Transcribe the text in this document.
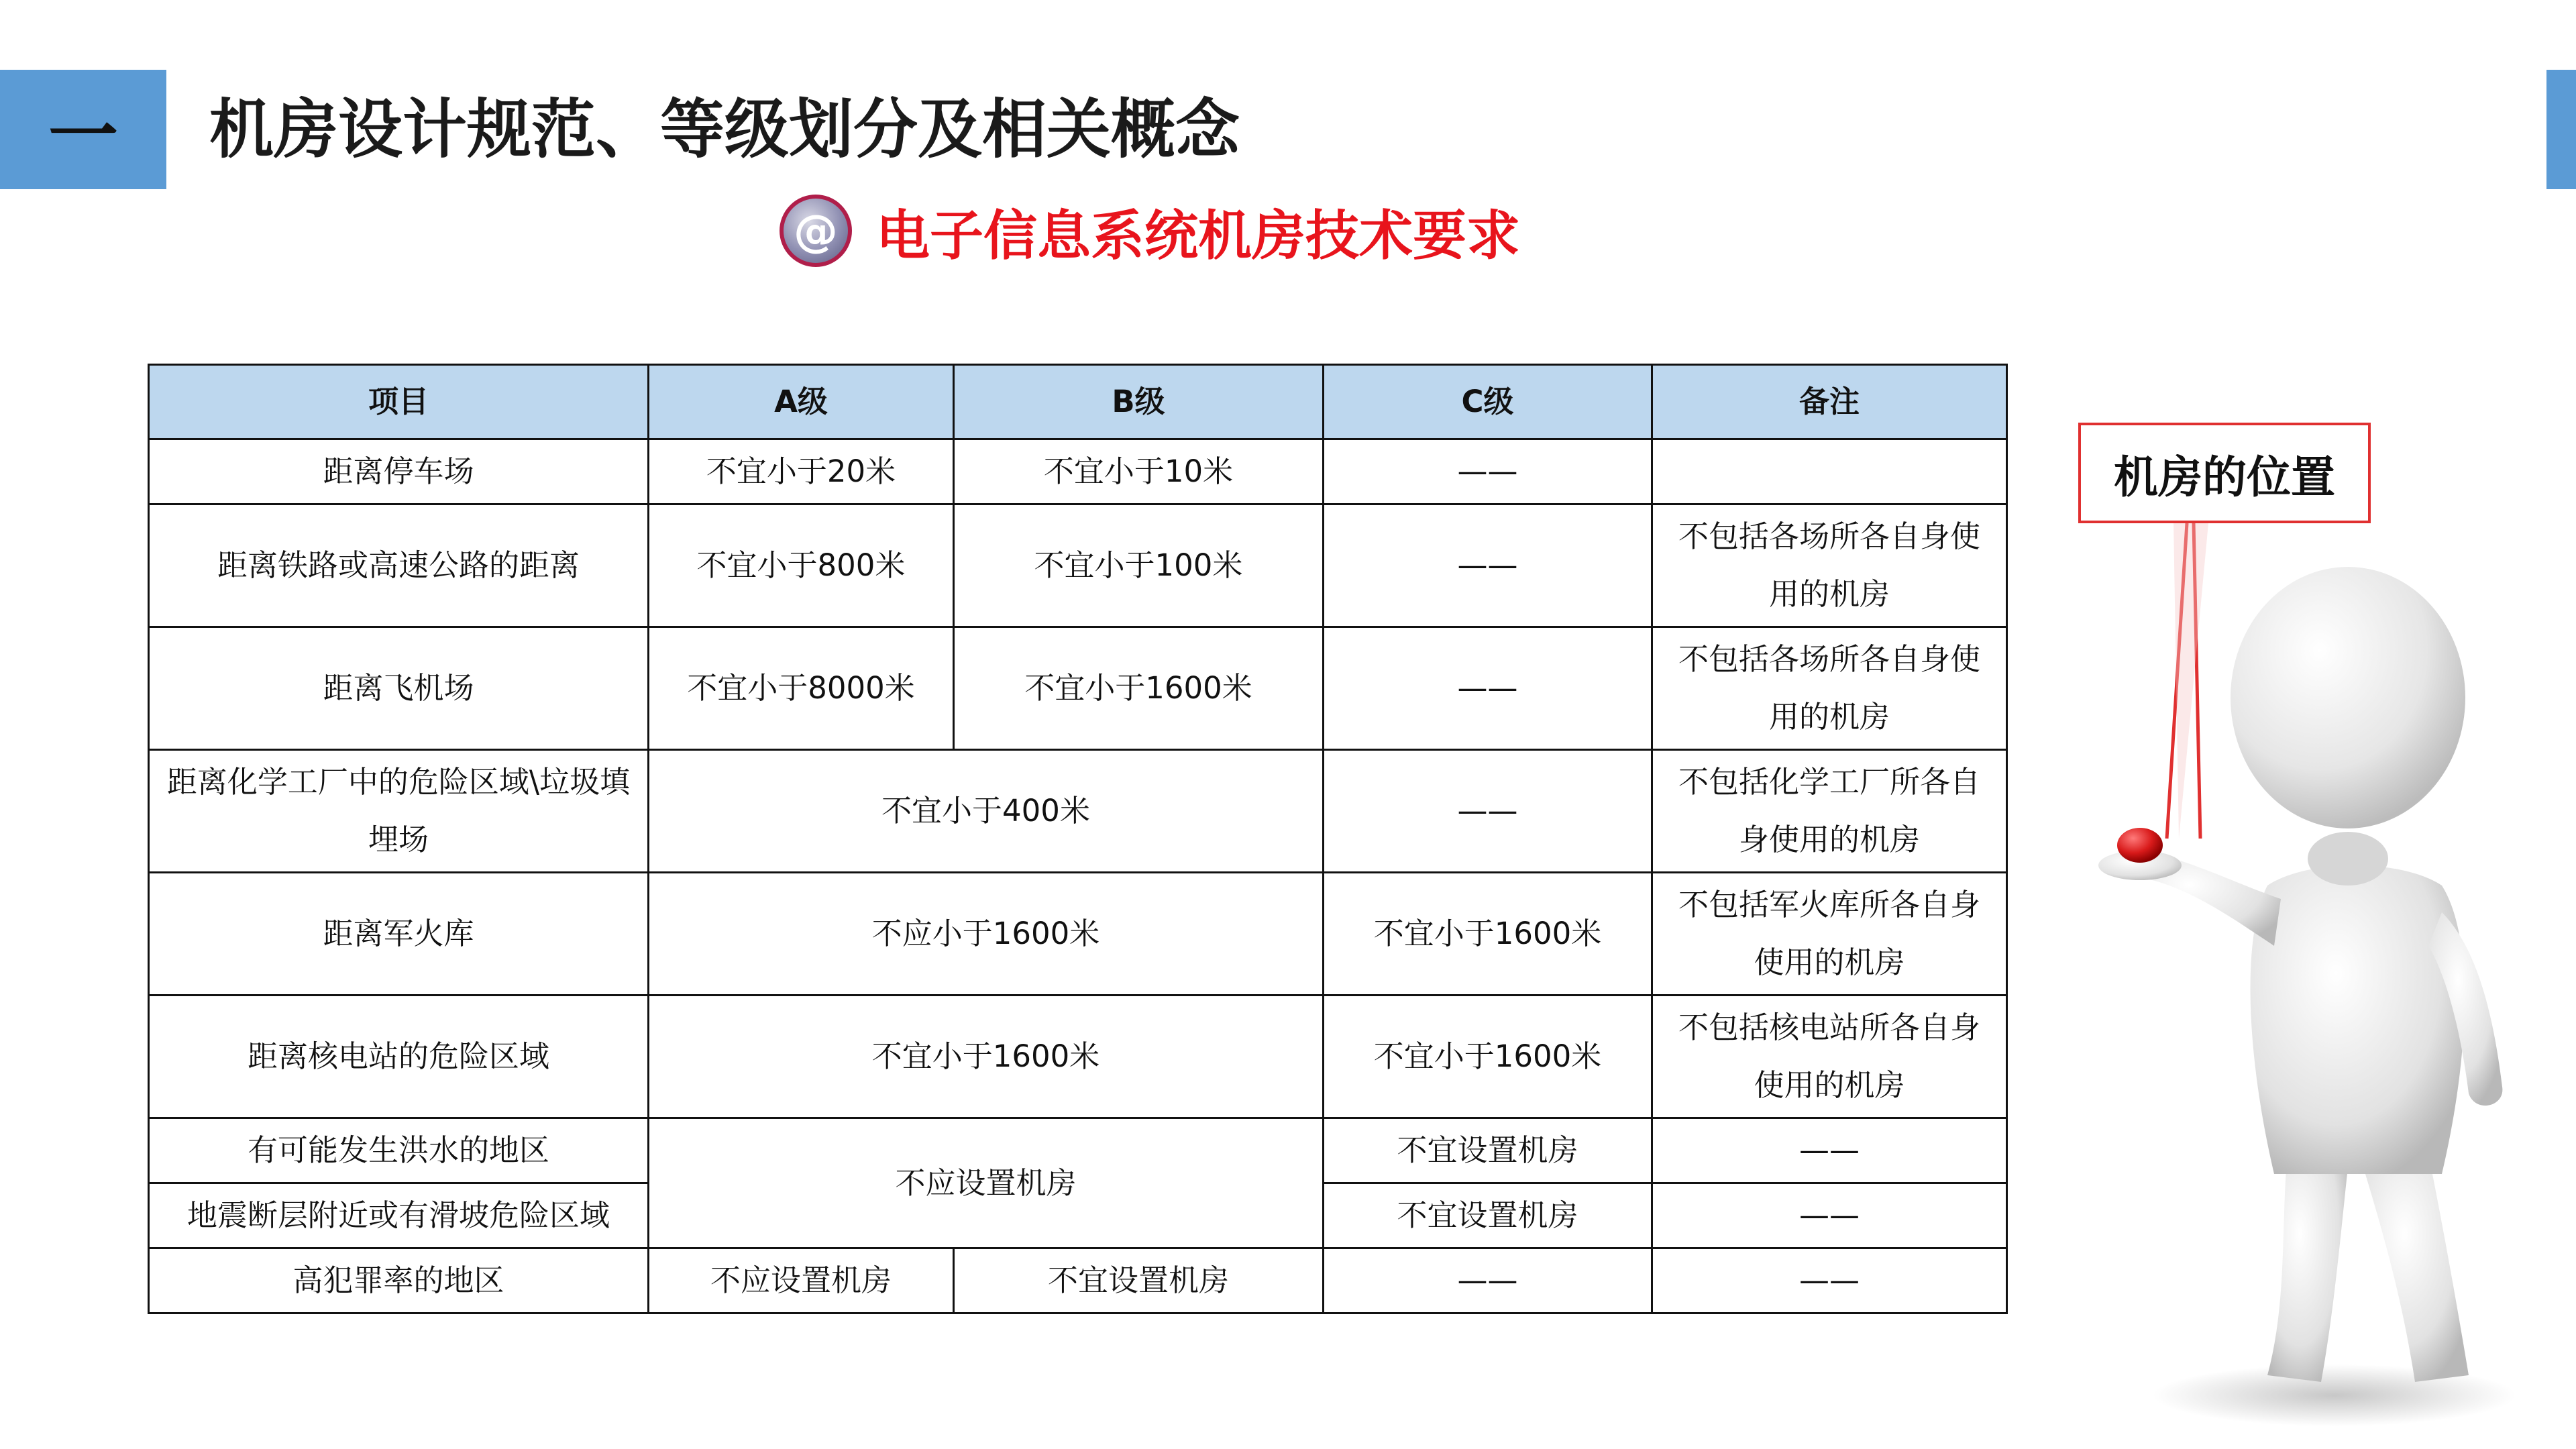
一	机房设计规范、等级划分及相关概念
@ 电子信息系统机房技术要求
项目	A级	B级	C级	备注
距离停车场	不宜小于20米	不宜小于10米	——	
距离铁路或高速公路的距离	不宜小于800米	不宜小于100米	——	不包括各场所各自身使用的机房
距离飞机场	不宜小于8000米	不宜小于1600米	——	不包括各场所各自身使用的机房
距离化学工厂中的危险区域\垃圾填埋场	不宜小于400米		——	不包括化学工厂所各自身使用的机房
距离军火库	不应小于1600米		不宜小于1600米	不包括军火库所各自身使用的机房
距离核电站的危险区域	不宜小于1600米		不宜小于1600米	不包括核电站所各自身使用的机房
有可能发生洪水的地区	不应设置机房		不宜设置机房	——
地震断层附近或有滑坡危险区域			不宜设置机房	——
高犯罪率的地区	不应设置机房	不宜设置机房	——	——
机房的位置
